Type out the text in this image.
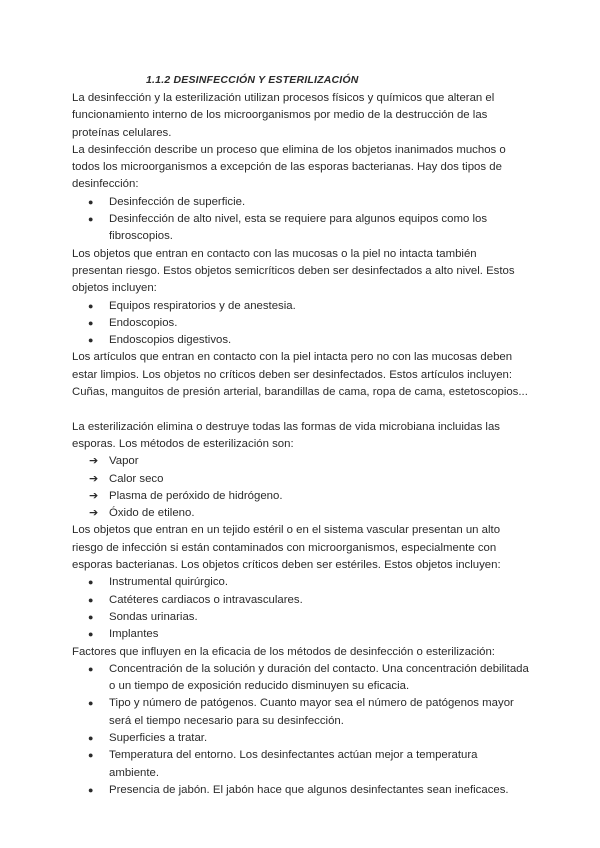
1.1.2 DESINFECCIÓN Y ESTERILIZACIÓN

La desinfección y la esterilización utilizan procesos físicos y químicos que alteran el funcionamiento interno de los microorganismos por medio de la destrucción de las proteínas celulares.

La desinfección describe un proceso que elimina de los objetos inanimados muchos o todos los microorganismos a excepción de las esporas bacterianas. Hay dos tipos de desinfección:

● Desinfección de superficie.
● Desinfección de alto nivel, esta se requiere para algunos equipos como los fibroscopios.

Los objetos que entran en contacto con las mucosas o la piel no intacta también presentan riesgo. Estos objetos semicríticos deben ser desinfectados a alto nivel. Estos objetos incluyen:

● Equipos respiratorios y de anestesia.
● Endoscopios.
● Endoscopios digestivos.

Los artículos que entran en contacto con la piel intacta pero no con las mucosas deben estar limpios. Los objetos no críticos deben ser desinfectados. Estos artículos incluyen: Cuñas, manguitos de presión arterial, barandillas de cama, ropa de cama, estetoscopios...

La esterilización elimina o destruye todas las formas de vida microbiana incluidas las esporas. Los métodos de esterilización son:

➔ Vapor
➔ Calor seco
➔ Plasma de peróxido de hidrógeno.
➔ Óxido de etileno.

Los objetos que entran en un tejido estéril o en el sistema vascular presentan un alto riesgo de infección si están contaminados con microorganismos, especialmente con esporas bacterianas. Los objetos críticos deben ser estériles. Estos objetos incluyen:

● Instrumental quirúrgico.
● Catéteres cardiacos o intravasculares.
● Sondas urinarias.
● Implantes

Factores que influyen en la eficacia de los métodos de desinfección o esterilización:

● Concentración de la solución y duración del contacto. Una concentración debilitada o un tiempo de exposición reducido disminuyen su eficacia.
● Tipo y número de patógenos. Cuanto mayor sea el número de patógenos mayor será el tiempo necesario para su desinfección.
● Superficies a tratar.
● Temperatura del entorno. Los desinfectantes actúan mejor a temperatura ambiente.
● Presencia de jabón. El jabón hace que algunos desinfectantes sean ineficaces.
